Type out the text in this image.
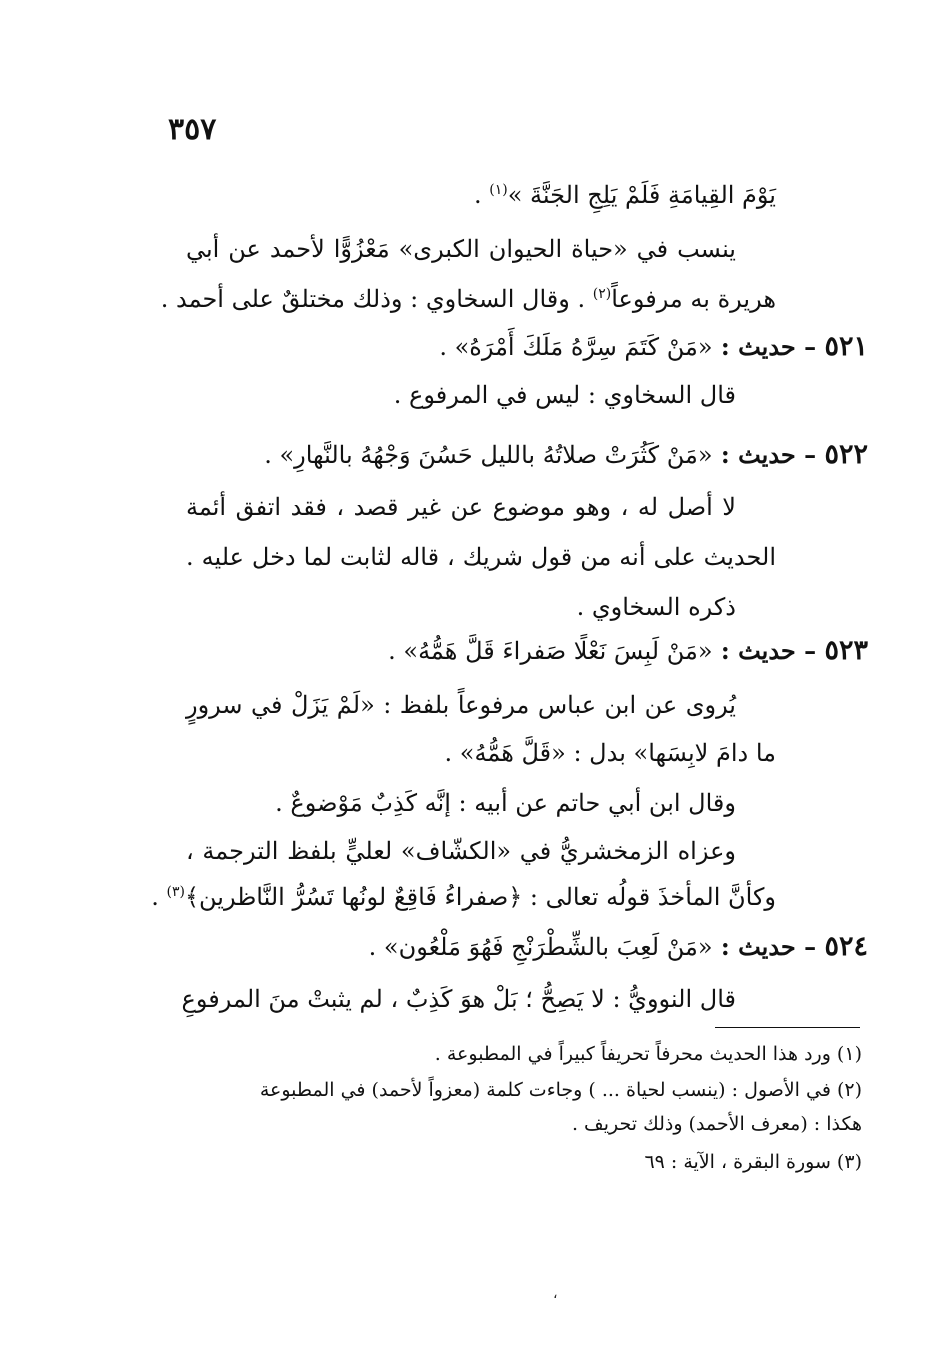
٣٥٧
يَوْمَ القِيامَةِ فَلَمْ يَلِجِ الجَنَّةَ »$^{(١)}$ .
ينسب في «حياة الحيوان الكبرى» مَعْزُوًّا لأحمد عن أبي
هريرة به مرفوعاً$^{(٢)}$ . وقال السخاوي : وذلك مختلقٌ على أحمد .
٥٢١ – حديث : «مَنْ كَتَمَ سِرَّهُ مَلَكَ أَمْرَهُ» .
قال السخاوي : ليس في المرفوع .
٥٢٢ – حديث : «مَنْ كَثُرَتْ صلاتُهُ بالليل حَسُنَ وَجْهُهُ بالنَّهارِ» .
لا أصل له ، وهو موضوع عن غير قصد ، فقد اتفق أئمة
الحديث على أنه من قول شريك ، قاله لثابت لما دخل عليه .
ذكره السخاوي .
٥٢٣ – حديث : «مَنْ لَبِسَ نَعْلًا صَفراءَ قَلَّ هَمُّهُ» .
يُروى عن ابن عباس مرفوعاً بلفظ : «لَمْ يَزَلْ في سرورٍ
ما دامَ لابِسَها» بدل : «قَلَّ هَمُّهُ» .
وقال ابن أبي حاتم عن أبيه : إنَّه كَذِبٌ مَوْضوعٌ .
وعزاه الزمخشريُّ في «الكشّاف» لعليٍّ بلفظ الترجمة ،
وكأنَّ المأخذَ قولُه تعالى : ﴿صفراءُ فَاقِعٌ لونُها تَسُرُّ النَّاظرين﴾$^{(٣)}$ .
٥٢٤ – حديث : «مَنْ لَعِبَ بالشِّطْرَنْجِ فَهُوَ مَلْعُون» .
قال النوويُّ : لا يَصِحُّ ؛ بَلْ هوَ كَذِبٌ ، لم يثبتْ منَ المرفوعِ
(١) ورد هذا الحديث محرفاً تحريفاً كبيراً في المطبوعة .
(٢) في الأصول : (ينسب لحياة ... ) وجاءت كلمة (معزواً لأحمد) في المطبوعة
هكذا : (معرف الأحمد) وذلك تحريف .
(٣) سورة البقرة ، الآية : ٦٩
،
